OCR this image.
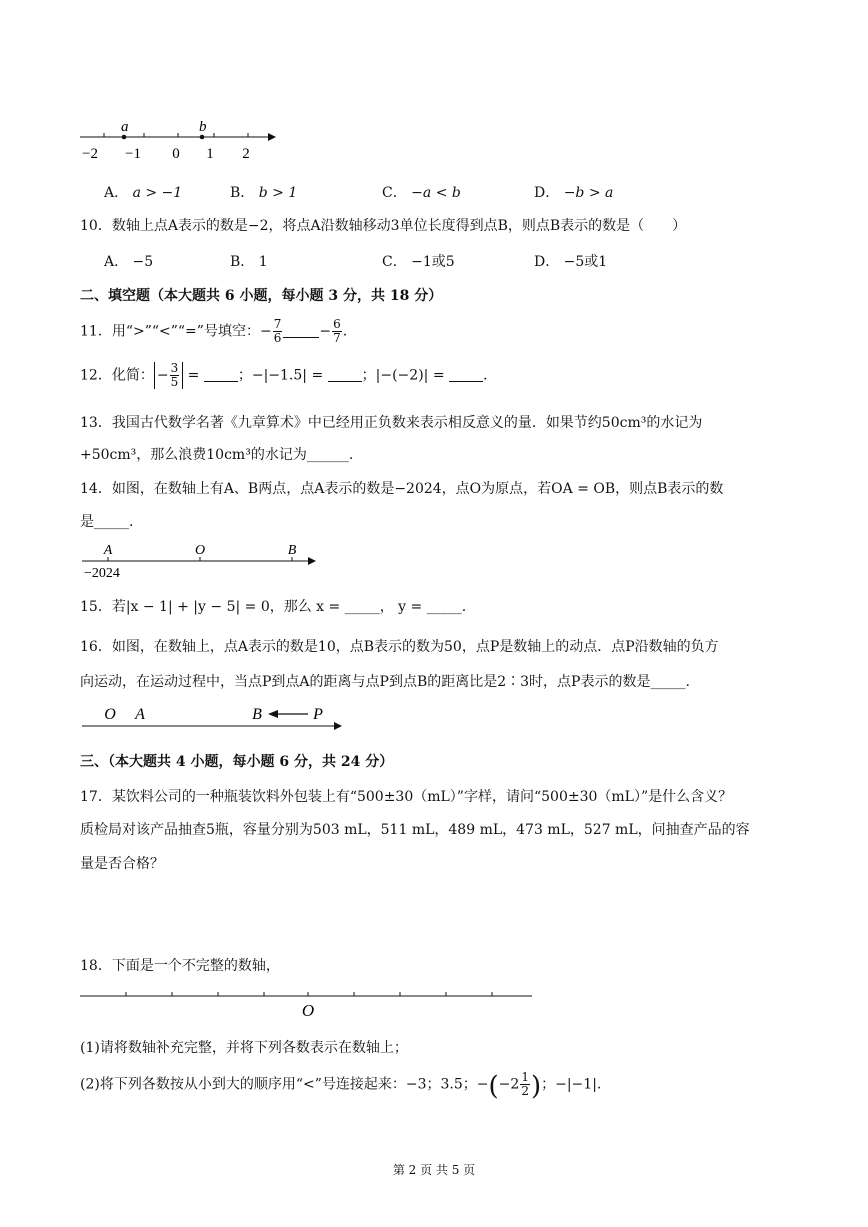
a	b
−2 −1 0 1 2
A． a > −1	B． b > 1	C． −a < b	D． −b > a
10．数轴上点A表示的数是−2，将点A沿数轴移动3单位长度得到点B，则点B表示的数是（　　）
A． −5	B． 1	C． −1或5	D． −5或1
二、填空题（本大题共 6 小题，每小题 3 分，共 18 分）
11．用“>”“<”“=”号填空：− $\frac{7}{6}$	− $\frac{6}{7}$ .
12．化简： − $\frac{3}{5}$ = ；−|−1.5| =	；|−(−2)| =	.
13．我国古代数学名著《九章算术》中已经用正负数来表示相反意义的量．如果节约50cm³的水记为
+50cm³，那么浪费10cm³的水记为______.
14．如图，在数轴上有A、B两点，点A表示的数是−2024，点O为原点，若OA = OB，则点B表示的数
是_____.
A	O	B
−2024
15．若|x − 1| + |y − 5| = 0，那么 x = _____， y = _____.
16．如图，在数轴上，点A表示的数是10，点B表示的数为50，点P是数轴上的动点．点P沿数轴的负方
向运动，在运动过程中，当点P到点A的距离与点P到点B的距离比是2∶3时，点P表示的数是_____.
O A	B	P
三、（本大题共 4 小题，每小题 6 分，共 24 分）
17．某饮料公司的一种瓶装饮料外包装上有“500±30（mL）”字样，请问“500±30（mL）”是什么含义？
质检局对该产品抽查5瓶，容量分别为503 mL，511 mL，489 mL，473 mL，527 mL，问抽查产品的容
量是否合格？
18．下面是一个不完整的数轴，
O
(1)请将数轴补充完整，并将下列各数表示在数轴上；
(2)将下列各数按从小到大的顺序用“<”号连接起来：−3；3.5；$-(-2 \frac{1}{2}$ )；−|−1|.
第 2 页 共 5 页
